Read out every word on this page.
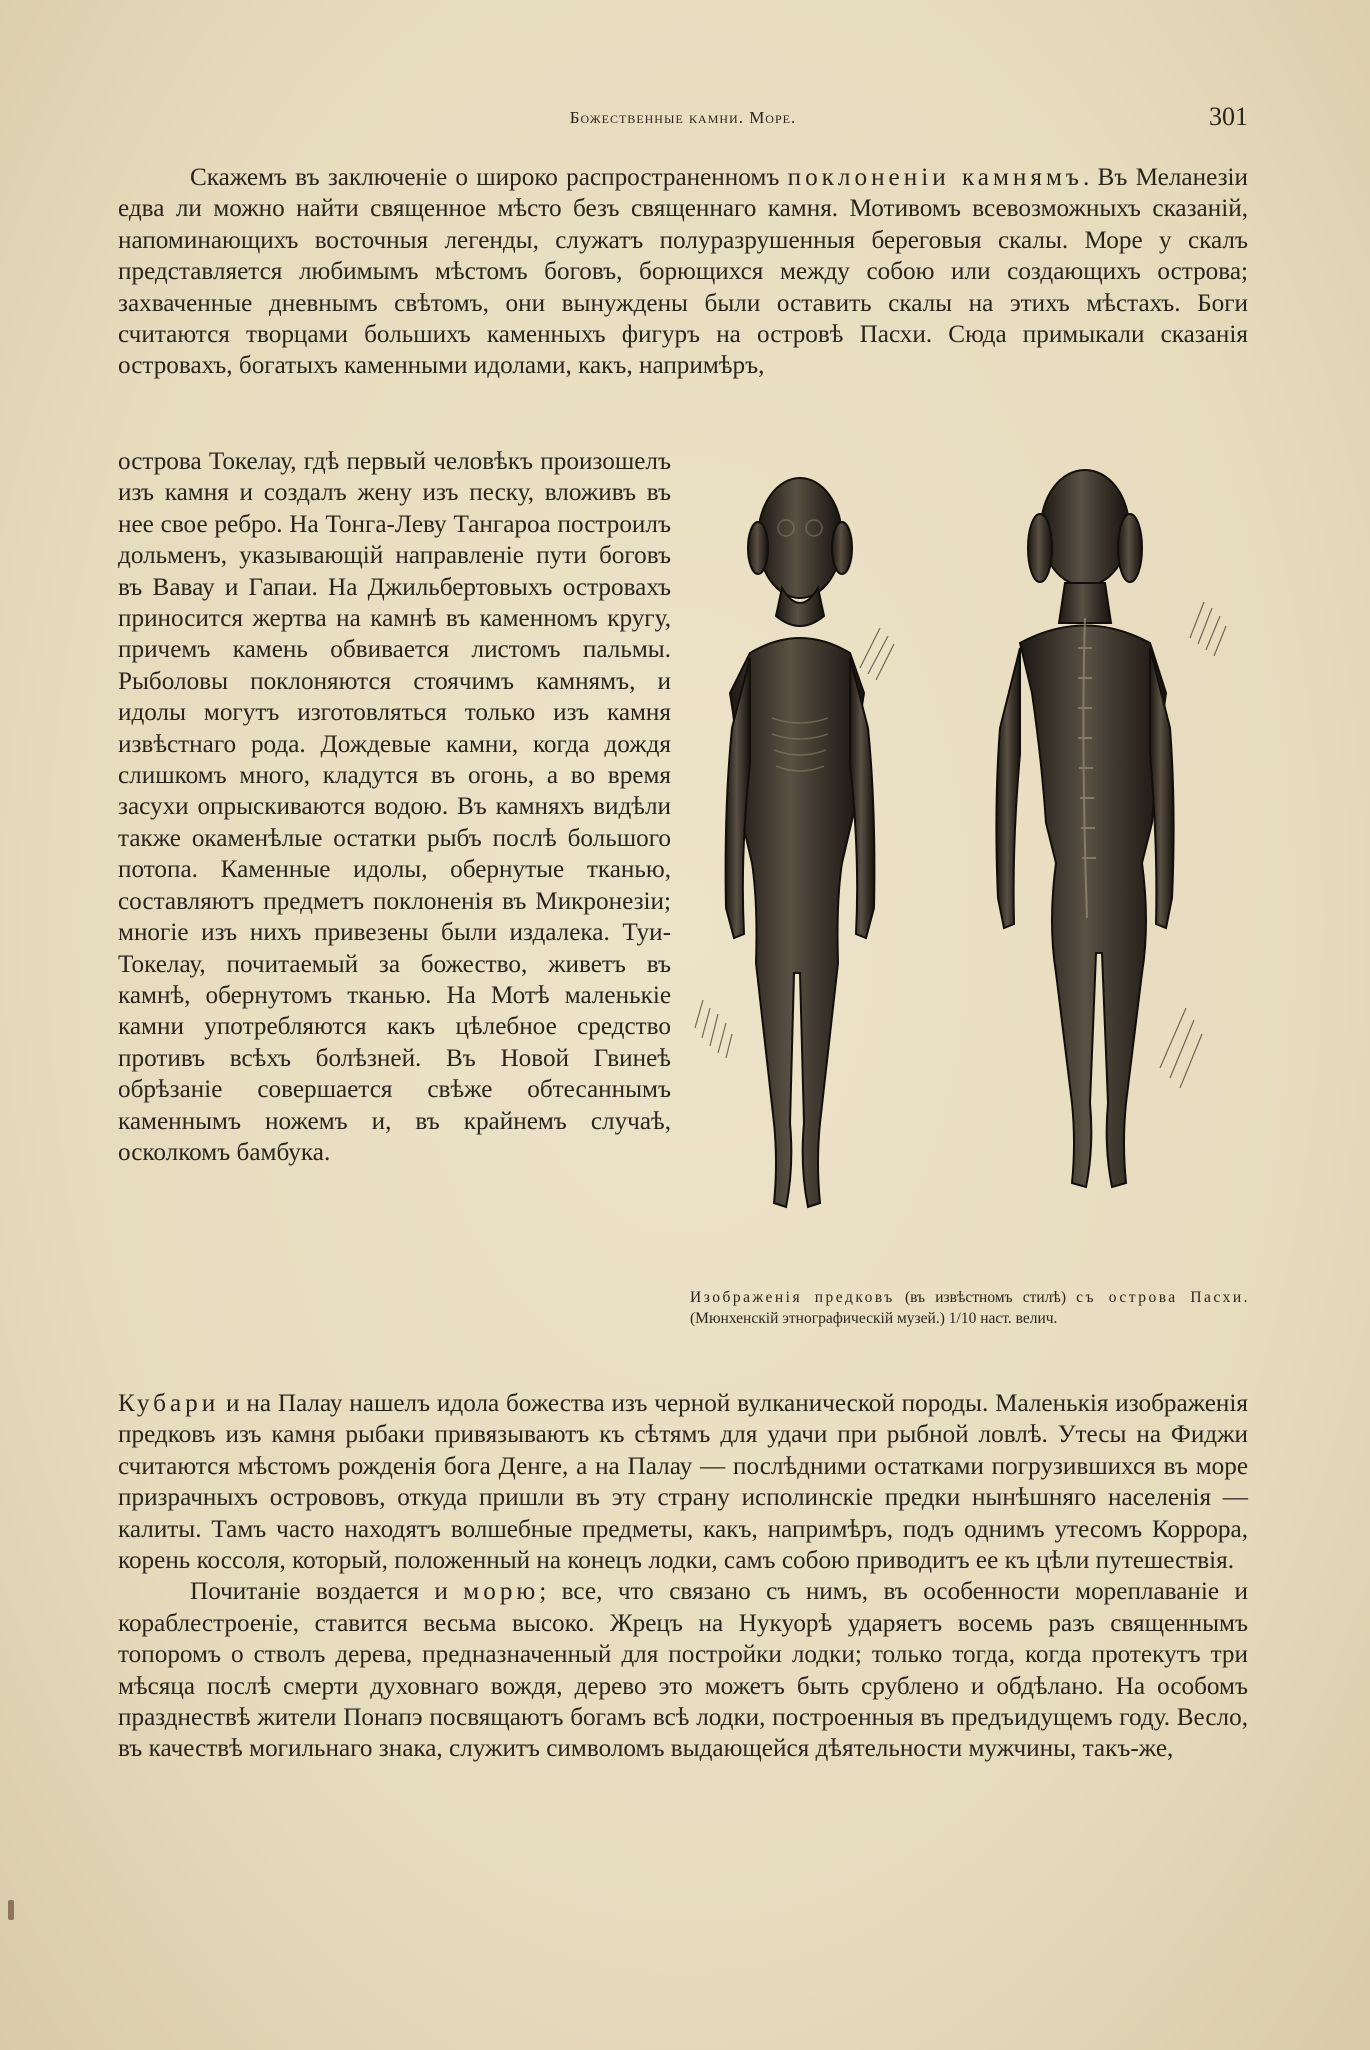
Божественные камни. Море.	301

Скажемъ въ заключеніе о широко распространенномъ поклоненіи камнямъ. Въ Меланезіи едва ли можно найти священное мѣсто безъ священнаго камня. Мотивомъ всевозможныхъ сказаній, напоминающихъ восточныя легенды, служатъ полуразрушенныя береговыя скалы. Море у скалъ представляется любимымъ мѣстомъ боговъ, борющихся между собою или создающихъ острова; захваченные дневнымъ свѣтомъ, они вынуждены были оставить скалы на этихъ мѣстахъ. Боги считаются творцами большихъ каменныхъ фигуръ на островѣ Пасхи. Сюда примыкали сказанія островахъ, богатыхъ каменными идолами, какъ, напримѣръ,

острова Токелау, гдѣ первый человѣкъ произошелъ изъ камня и создалъ жену изъ песку, вложивъ въ нее свое ребро. На Тонга-Леву Тангароа построилъ дольменъ, указывающій направленіе пути боговъ въ Вавау и Гапаи. На Джильбертовыхъ островахъ приносится жертва на камнѣ въ каменномъ кругу, причемъ камень обвивается листомъ пальмы. Рыболовы поклоняются стоячимъ камнямъ, и идолы могутъ изготовляться только изъ камня извѣстнаго рода. Дождевые камни, когда дождя слишкомъ много, кладутся въ огонь, а во время засухи опрыскиваются водою. Въ камняхъ видѣли также окаменѣлые остатки рыбъ послѣ большого потопа. Каменные идолы, обернутые тканью, составляютъ предметъ поклоненія въ Микронезіи; многіе изъ нихъ привезены были издалека. Туи-Токелау, почитаемый за божество, живетъ въ камнѣ, обернутомъ тканью. На Мотѣ маленькіе камни употребляются какъ цѣлебное средство противъ всѣхъ болѣзней. Въ Новой Гвинеѣ обрѣзаніе совершается свѣже обтесаннымъ каменнымъ ножемъ и, въ крайнемъ случаѣ, осколкомъ бамбука.

Изображенія предковъ (въ извѣстномъ стилѣ) съ острова Пасхи. (Мюнхенскій этнографическій музей.) 1/10 наст. велич.

Кубари и на Палау нашелъ идола божества изъ черной вулканической породы. Маленькія изображенія предковъ изъ камня рыбаки привязываютъ къ сѣтямъ для удачи при рыбной ловлѣ. Утесы на Фиджи считаются мѣстомъ рожденія бога Денге, а на Палау — послѣдними остатками погрузившихся въ море призрачныхъ острововъ, откуда пришли въ эту страну исполинскіе предки нынѣшняго населенія — калиты. Тамъ часто находятъ волшебные предметы, какъ, напримѣръ, подъ однимъ утесомъ Коррора, корень коссоля, который, положенный на конецъ лодки, самъ собою приводитъ ее къ цѣли путешествія.

Почитаніе воздается и морю; все, что связано съ нимъ, въ особенности мореплаваніе и кораблестроеніе, ставится весьма высоко. Жрецъ на Нукуорѣ ударяетъ восемь разъ священнымъ топоромъ о стволъ дерева, предназначенный для постройки лодки; только тогда, когда протекутъ три мѣсяца послѣ смерти духовнаго вождя, дерево это можетъ быть срублено и обдѣлано. На особомъ празднествѣ жители Понапэ посвящаютъ богамъ всѣ лодки, построенныя въ предъидущемъ году. Весло, въ качествѣ могильнаго знака, служитъ символомъ выдающейся дѣятельности мужчины, такъ-же,
